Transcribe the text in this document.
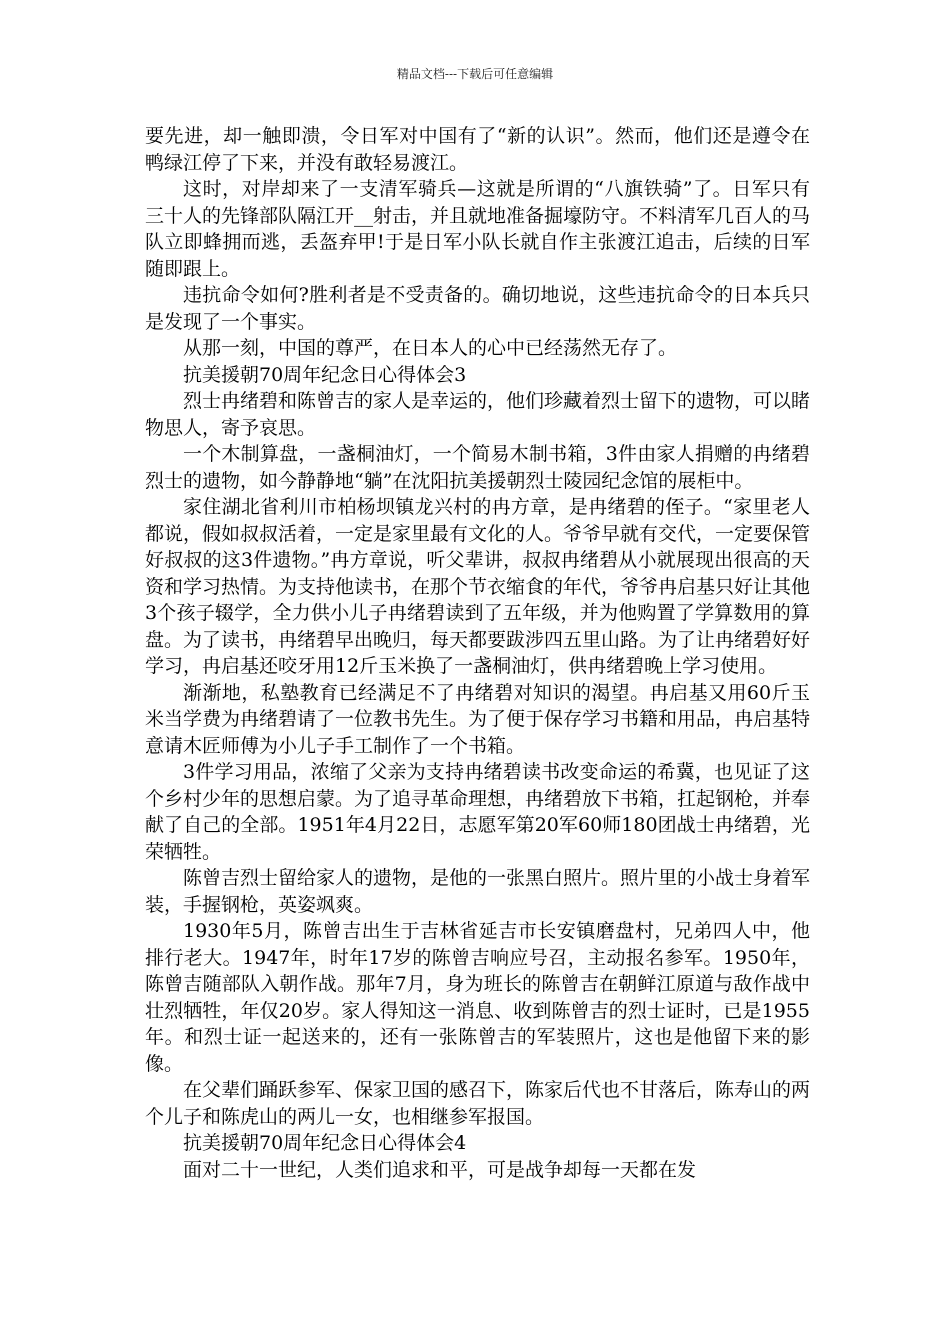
精品文档---下载后可任意编辑

要先进，却一触即溃，令日军对中国有了“新的认识”。然而，他们还是遵令在鸭绿江停了下来，并没有敢轻易渡江。

这时，对岸却来了一支清军骑兵—这就是所谓的“八旗铁骑”了。日军只有三十人的先锋部队隔江开__射击，并且就地准备掘壕防守。不料清军几百人的马队立即蜂拥而逃，丢盔弃甲!于是日军小队长就自作主张渡江追击，后续的日军随即跟上。

违抗命令如何?胜利者是不受责备的。确切地说，这些违抗命令的日本兵只是发现了一个事实。

从那一刻，中国的尊严，在日本人的心中已经荡然无存了。

抗美援朝70周年纪念日心得体会3

烈士冉绪碧和陈曾吉的家人是幸运的，他们珍藏着烈士留下的遗物，可以睹物思人，寄予哀思。

一个木制算盘，一盏桐油灯，一个简易木制书箱，3件由家人捐赠的冉绪碧烈士的遗物，如今静静地“躺”在沈阳抗美援朝烈士陵园纪念馆的展柜中。

家住湖北省利川市柏杨坝镇龙兴村的冉方章，是冉绪碧的侄子。“家里老人都说，假如叔叔活着，一定是家里最有文化的人。爷爷早就有交代，一定要保管好叔叔的这3件遗物。”冉方章说，听父辈讲，叔叔冉绪碧从小就展现出很高的天资和学习热情。为支持他读书，在那个节衣缩食的年代，爷爷冉启基只好让其他3个孩子辍学，全力供小儿子冉绪碧读到了五年级，并为他购置了学算数用的算盘。为了读书，冉绪碧早出晚归，每天都要跋涉四五里山路。为了让冉绪碧好好学习，冉启基还咬牙用12斤玉米换了一盏桐油灯，供冉绪碧晚上学习使用。

渐渐地，私塾教育已经满足不了冉绪碧对知识的渴望。冉启基又用60斤玉米当学费为冉绪碧请了一位教书先生。为了便于保存学习书籍和用品，冉启基特意请木匠师傅为小儿子手工制作了一个书箱。

3件学习用品，浓缩了父亲为支持冉绪碧读书改变命运的希冀，也见证了这个乡村少年的思想启蒙。为了追寻革命理想，冉绪碧放下书箱，扛起钢枪，并奉献了自己的全部。1951年4月22日，志愿军第20军60师180团战士冉绪碧，光荣牺牲。

陈曾吉烈士留给家人的遗物，是他的一张黑白照片。照片里的小战士身着军装，手握钢枪，英姿飒爽。

1930年5月，陈曾吉出生于吉林省延吉市长安镇磨盘村，兄弟四人中，他排行老大。1947年，时年17岁的陈曾吉响应号召，主动报名参军。1950年，陈曾吉随部队入朝作战。那年7月，身为班长的陈曾吉在朝鲜江原道与敌作战中壮烈牺牲，年仅20岁。家人得知这一消息、收到陈曾吉的烈士证时，已是1955年。和烈士证一起送来的，还有一张陈曾吉的军装照片，这也是他留下来的影像。

在父辈们踊跃参军、保家卫国的感召下，陈家后代也不甘落后，陈寿山的两个儿子和陈虎山的两儿一女，也相继参军报国。

抗美援朝70周年纪念日心得体会4

面对二十一世纪，人类们追求和平，可是战争却每一天都在发
